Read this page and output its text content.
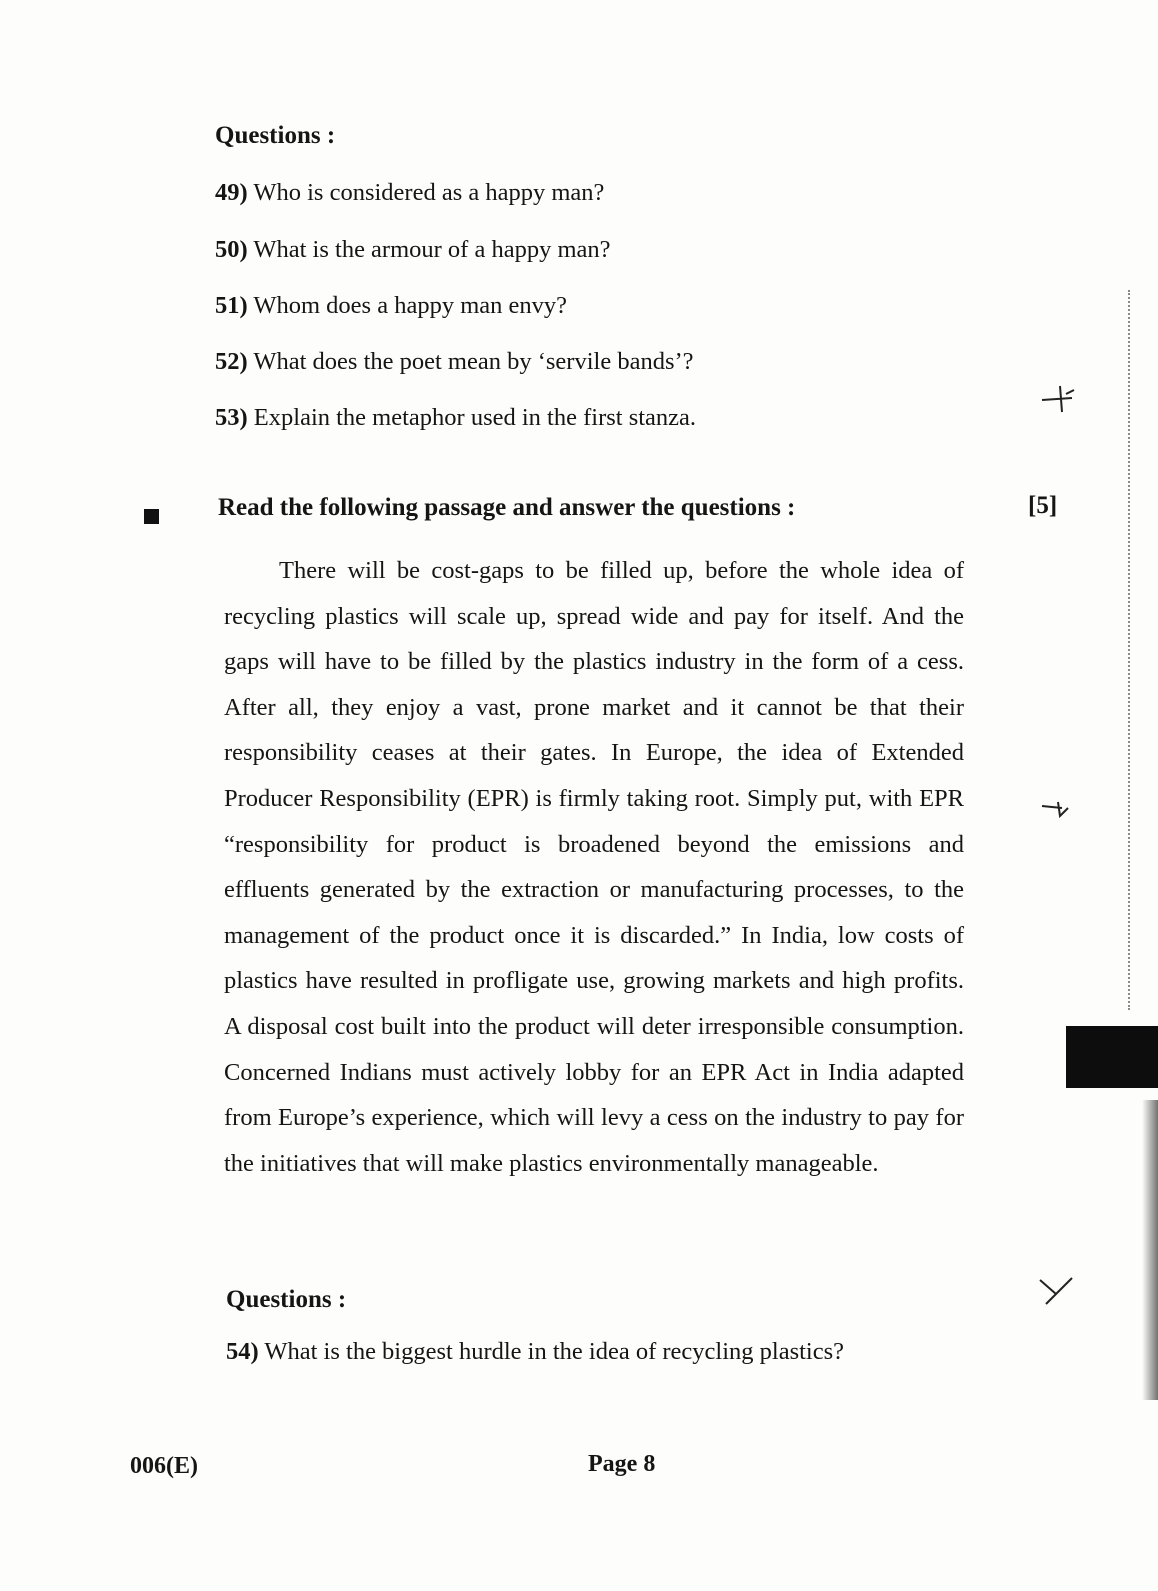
Questions :
49) Who is considered as a happy man?
50) What is the armour of a happy man?
51) Whom does a happy man envy?
52) What does the poet mean by ‘servile bands’?
53) Explain the metaphor used in the first stanza.
Read the following passage and answer the questions :	[5]

There will be cost-gaps to be filled up, before the whole idea of recycling plastics will scale up, spread wide and pay for itself. And the gaps will have to be filled by the plastics industry in the form of a cess. After all, they enjoy a vast, prone market and it cannot be that their responsibility ceases at their gates. In Europe, the idea of Extended Producer Responsibility (EPR) is firmly taking root. Simply put, with EPR “responsibility for product is broadened beyond the emissions and effluents generated by the extraction or manufacturing processes, to the management of the product once it is discarded.” In India, low costs of plastics have resulted in profligate use, growing markets and high profits. A disposal cost built into the product will deter irresponsible consumption. Concerned Indians must actively lobby for an EPR Act in India adapted from Europe’s experience, which will levy a cess on the industry to pay for the initiatives that will make plastics environmentally manageable.

Questions :
54) What is the biggest hurdle in the idea of recycling plastics?
006(E)	Page 8
